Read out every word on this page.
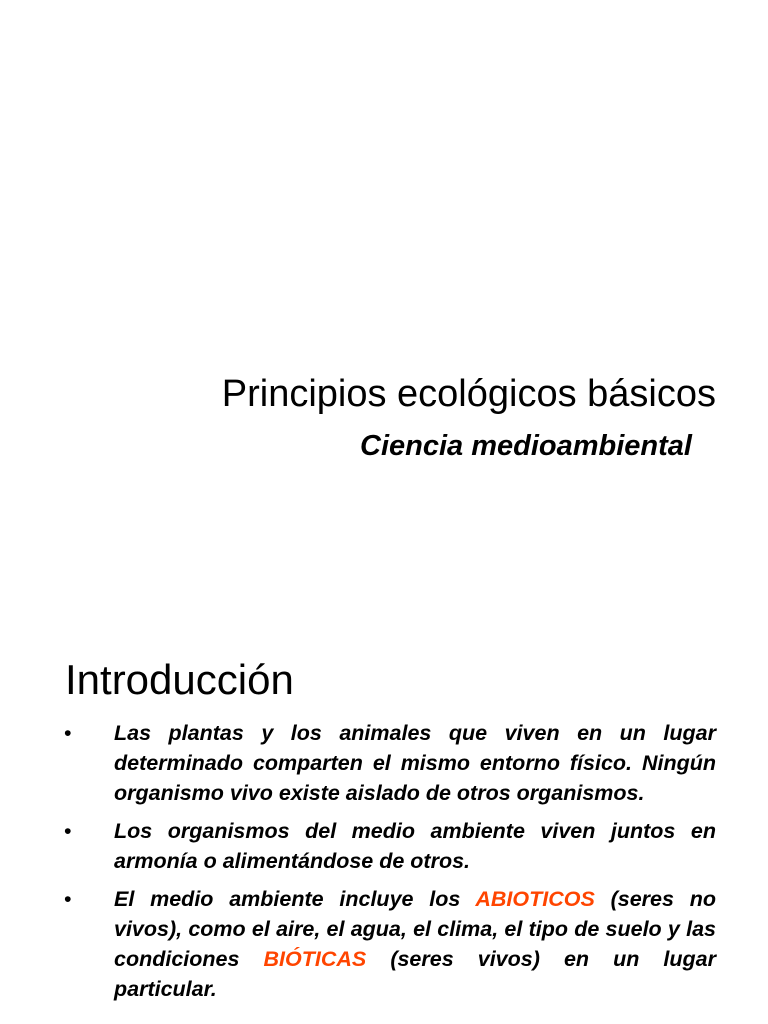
Principios ecológicos básicos
Ciencia medioambiental
Introducción
• Las plantas y los animales que viven en un lugar determinado comparten el mismo entorno físico. Ningún organismo vivo existe aislado de otros organismos.
• Los organismos del medio ambiente viven juntos en armonía o alimentándose de otros.
• El medio ambiente incluye los ABIOTICOS (seres no vivos), como el aire, el agua, el clima, el tipo de suelo y las condiciones BIÓTICAS (seres vivos) en un lugar particular.
